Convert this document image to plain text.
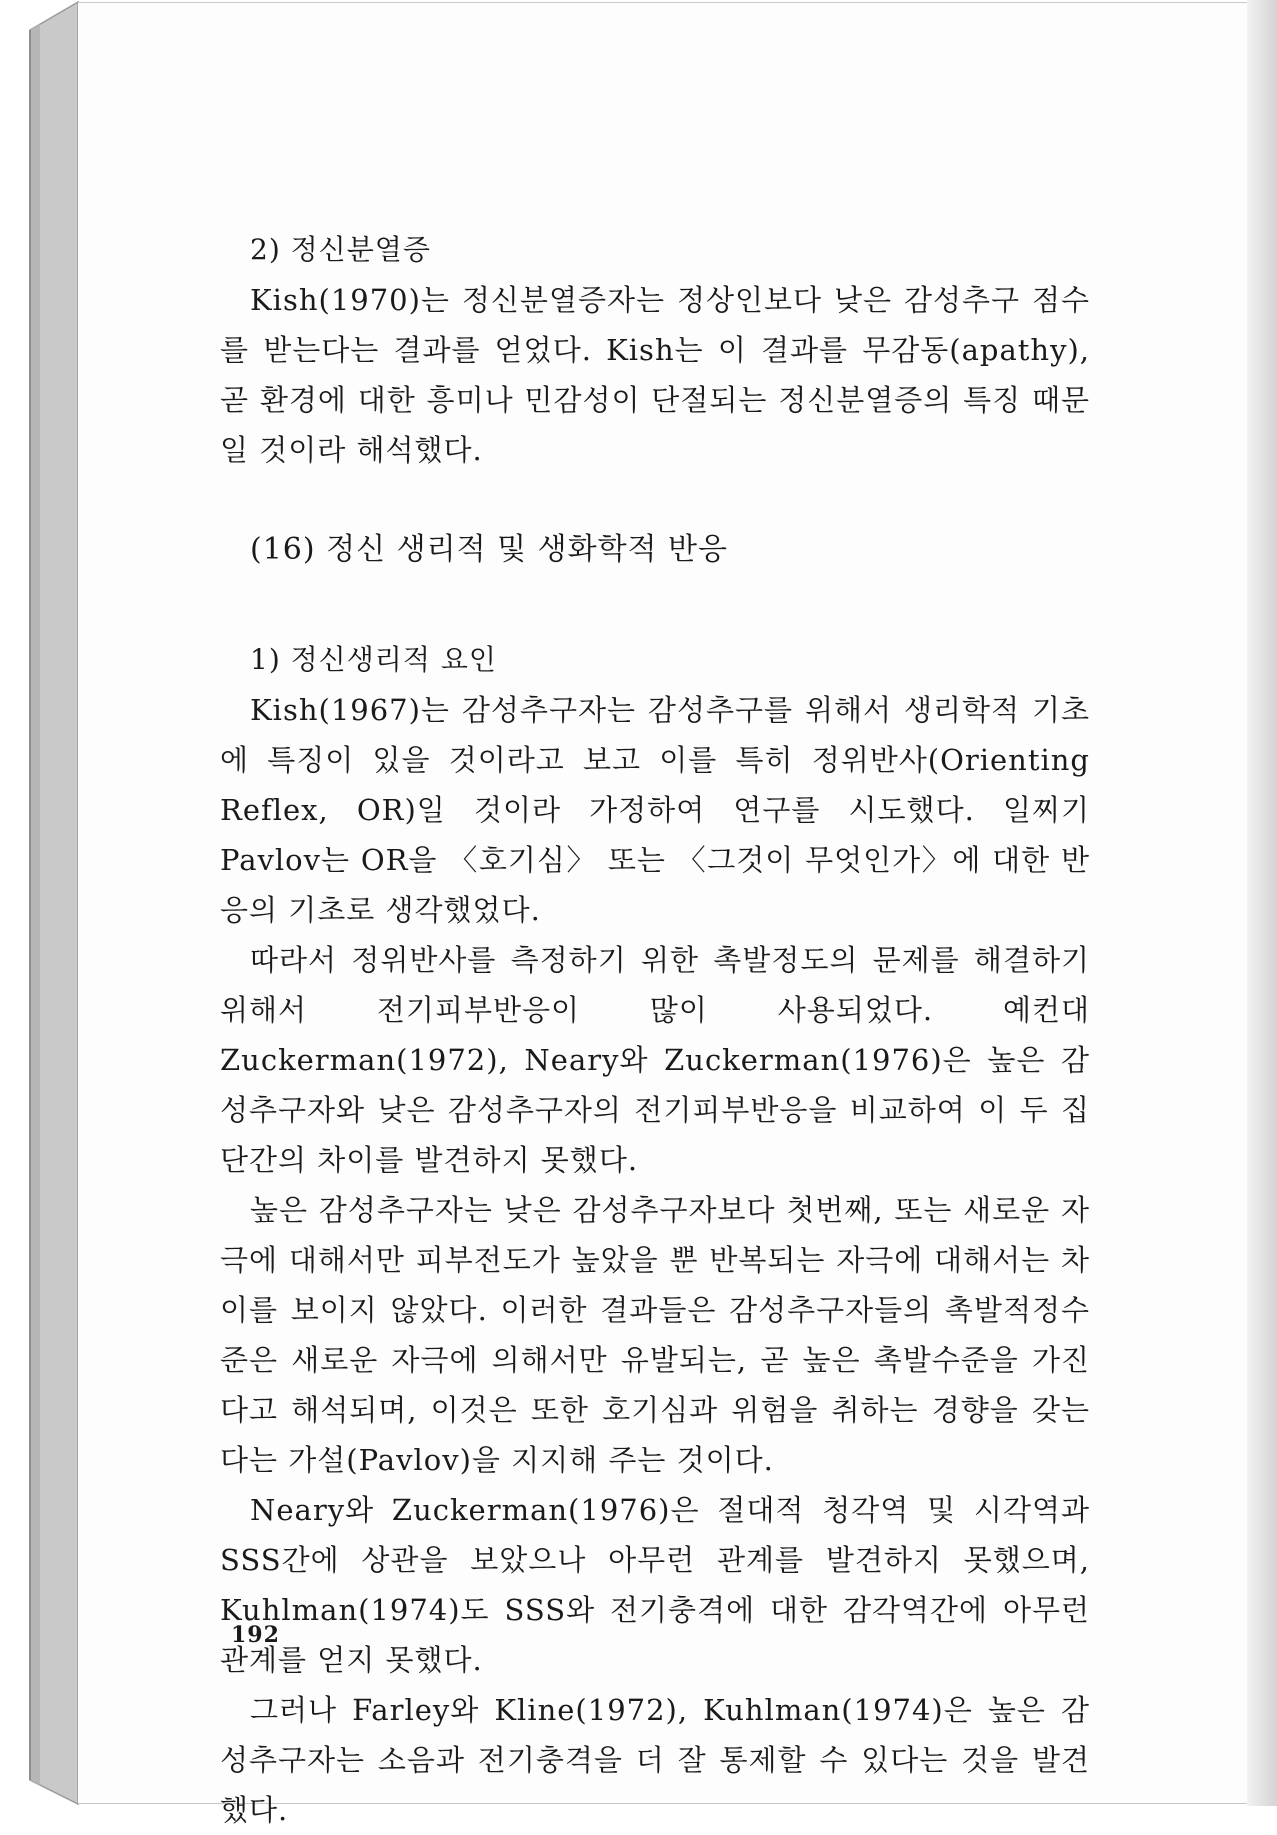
2) 정신분열증

Kish(1970)는 정신분열증자는 정상인보다 낮은 감성추구 점수를 받는다는 결과를 얻었다. Kish는 이 결과를 무감동(apathy), 곧 환경에 대한 흥미나 민감성이 단절되는 정신분열증의 특징 때문일 것이라 해석했다.

(16) 정신 생리적 및 생화학적 반응
1) 정신생리적 요인

Kish(1967)는 감성추구자는 감성추구를 위해서 생리학적 기초에 특징이 있을 것이라고 보고 이를 특히 정위반사(Orienting Reflex, OR)일 것이라 가정하여 연구를 시도했다. 일찌기 Pavlov는 OR을 〈호기심〉 또는 〈그것이 무엇인가〉에 대한 반응의 기초로 생각했었다.

따라서 정위반사를 측정하기 위한 촉발정도의 문제를 해결하기 위해서 전기피부반응이 많이 사용되었다. 예컨대 Zuckerman(1972), Neary와 Zuckerman(1976)은 높은 감성추구자와 낮은 감성추구자의 전기피부반응을 비교하여 이 두 집단간의 차이를 발견하지 못했다.

높은 감성추구자는 낮은 감성추구자보다 첫번째, 또는 새로운 자극에 대해서만 피부전도가 높았을 뿐 반복되는 자극에 대해서는 차이를 보이지 않았다. 이러한 결과들은 감성추구자들의 촉발적정수준은 새로운 자극에 의해서만 유발되는, 곧 높은 촉발수준을 가진다고 해석되며, 이것은 또한 호기심과 위험을 취하는 경향을 갖는다는 가설(Pavlov)을 지지해 주는 것이다.

Neary와 Zuckerman(1976)은 절대적 청각역 및 시각역과 SSS간에 상관을 보았으나 아무런 관계를 발견하지 못했으며, Kuhlman(1974)도 SSS와 전기충격에 대한 감각역간에 아무런 관계를 얻지 못했다.

그러나 Farley와 Kline(1972), Kuhlman(1974)은 높은 감성추구자는 소음과 전기충격을 더 잘 통제할 수 있다는 것을 발견했다.

192
